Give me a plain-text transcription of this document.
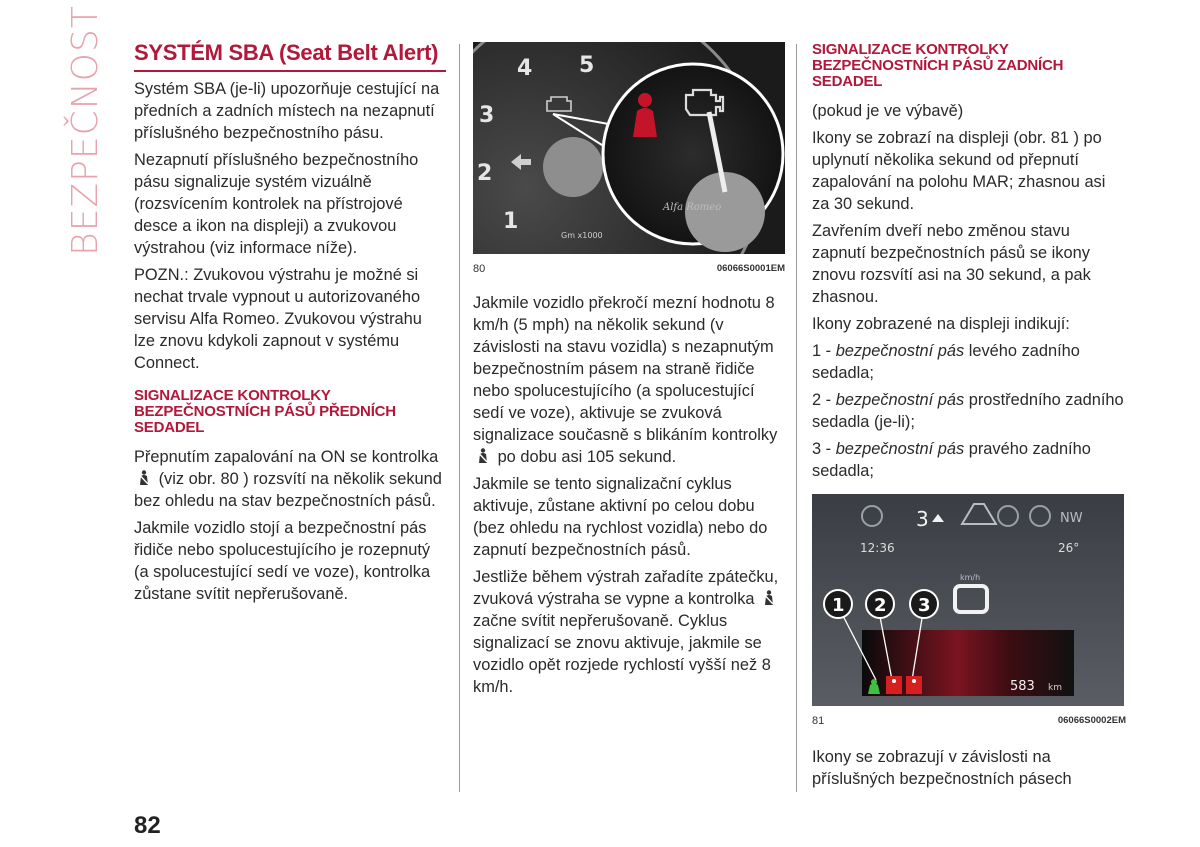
BEZPEČNOST SYSTÉM SBA (Seat Belt Alert)

Systém SBA (je-li) upozorňuje cestující na předních a zadních místech na nezapnutí příslušného bezpečnostního pásu.

Nezapnutí příslušného bezpečnostního pásu signalizuje systém vizuálně (rozsvícením kontrolek na přístrojové desce a ikon na displeji) a zvukovou výstrahou (viz informace níže).

POZN.: Zvukovou výstrahu je možné si nechat trvale vypnout u autorizovaného servisu Alfa Romeo. Zvukovou výstrahu lze znovu kdykoli zapnout v systému Connect.

SIGNALIZACE KONTROLKY BEZPEČNOSTNÍCH PÁSŮ PŘEDNÍCH SEDADEL

Přepnutím zapalování na ON se kontrolka
(viz obr. 80 ) rozsvítí na několik sekund bez ohledu na stav bezpečnostních pásů.

Jakmile vozidlo stojí a bezpečnostní pás řidiče nebo spolucestujícího je rozepnutý (a spolucestující sedí ve voze), kontrolka zůstane svítit nepřerušovaně.

4 5
3
2
1
Gm x1000
Alfa Romeo
80	06066S0001EM

Jakmile vozidlo překročí mezní hodnotu 8 km/h (5 mph) na několik sekund (v závislosti na stavu vozidla) s nezapnutým bezpečnostním pásem na straně řidiče nebo spolucestujícího (a spolucestující sedí ve voze), aktivuje se zvuková signalizace současně s blikáním kontrolky  po dobu asi 105 sekund.

Jakmile se tento signalizační cyklus aktivuje, zůstane aktivní po celou dobu (bez ohledu na rychlost vozidla) nebo do zapnutí bezpečnostních pásů.

Jestliže během výstrah zařadíte zpátečku, zvuková výstraha se vypne a kontrolka  začne svítit nepřerušovaně. Cyklus signalizací se znovu aktivuje, jakmile se vozidlo opět rozjede rychlostí vyšší než 8 km/h.

SIGNALIZACE KONTROLKY BEZPEČNOSTNÍCH PÁSŮ ZADNÍCH SEDADEL

(pokud je ve výbavě)

Ikony se zobrazí na displeji (obr. 81 ) po uplynutí několika sekund od přepnutí zapalování na polohu MAR; zhasnou asi za 30 sekund.

Zavřením dveří nebo změnou stavu zapnutí bezpečnostních pásů se ikony znovu rozsvítí asi na 30 sekund, a pak zhasnou.

Ikony zobrazené na displeji indikují:

1 - bezpečnostní pás levého zadního sedadla;

2 - bezpečnostní pás prostředního zadního sedadla (je-li);

3 - bezpečnostní pás pravého zadního sedadla;

3	NW
12:36	26°
km/h
1 2 3
583 km
81	06066S0002EM

Ikony se zobrazují v závislosti na příslušných bezpečnostních pásech

82
